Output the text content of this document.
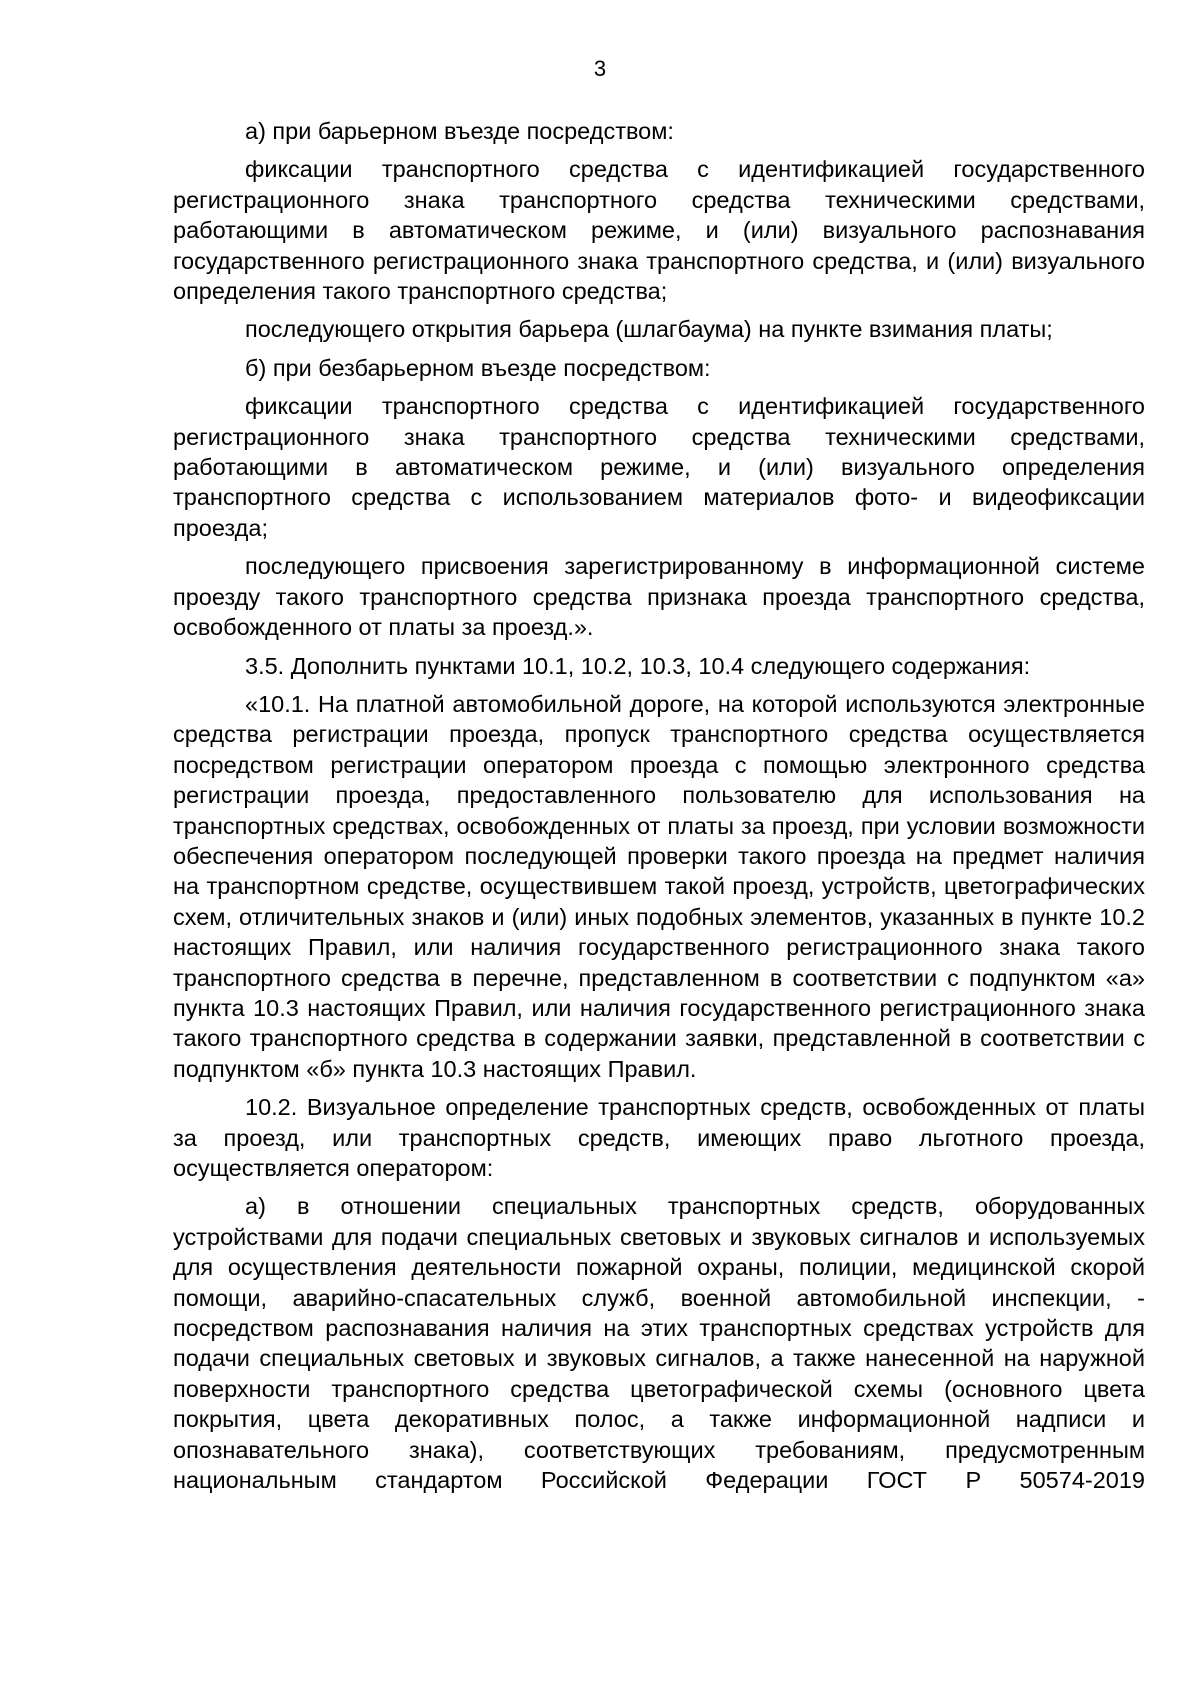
3

а) при барьерном въезде посредством:

фиксации транспортного средства с идентификацией государственного регистрационного знака транспортного средства техническими средствами, работающими в автоматическом режиме, и (или) визуального распознавания государственного регистрационного знака транспортного средства, и (или) визуального определения такого транспортного средства;

последующего открытия барьера (шлагбаума) на пункте взимания платы;

б) при безбарьерном въезде посредством:

фиксации транспортного средства с идентификацией государственного регистрационного знака транспортного средства техническими средствами, работающими в автоматическом режиме, и (или) визуального определения транспортного средства с использованием материалов фото- и видеофиксации проезда;

последующего присвоения зарегистрированному в информационной системе проезду такого транспортного средства признака проезда транспортного средства, освобожденного от платы за проезд.».

3.5. Дополнить пунктами 10.1, 10.2, 10.3, 10.4 следующего содержания:

«10.1. На платной автомобильной дороге, на которой используются электронные средства регистрации проезда, пропуск транспортного средства осуществляется посредством регистрации оператором проезда с помощью электронного средства регистрации проезда, предоставленного пользователю для использования на транспортных средствах, освобожденных от платы за проезд, при условии возможности обеспечения оператором последующей проверки такого проезда на предмет наличия на транспортном средстве, осуществившем такой проезд, устройств, цветографических схем, отличительных знаков и (или) иных подобных элементов, указанных в пункте 10.2 настоящих Правил, или наличия государственного регистрационного знака такого транспортного средства в перечне, представленном в соответствии с подпунктом «а» пункта 10.3 настоящих Правил, или наличия государственного регистрационного знака такого транспортного средства в содержании заявки, представленной в соответствии с подпунктом «б» пункта 10.3 настоящих Правил.

10.2. Визуальное определение транспортных средств, освобожденных от платы за проезд, или транспортных средств, имеющих право льготного проезда, осуществляется оператором:

а) в отношении специальных транспортных средств, оборудованных устройствами для подачи специальных световых и звуковых сигналов и используемых для осуществления деятельности пожарной охраны, полиции, медицинской скорой помощи, аварийно-спасательных служб, военной автомобильной инспекции, - посредством распознавания наличия на этих транспортных средствах устройств для подачи специальных световых и звуковых сигналов, а также нанесенной на наружной поверхности транспортного средства цветографической схемы (основного цвета покрытия, цвета декоративных полос, а также информационной надписи и опознавательного знака), соответствующих требованиям, предусмотренным национальным стандартом Российской Федерации ГОСТ Р 50574-2019
